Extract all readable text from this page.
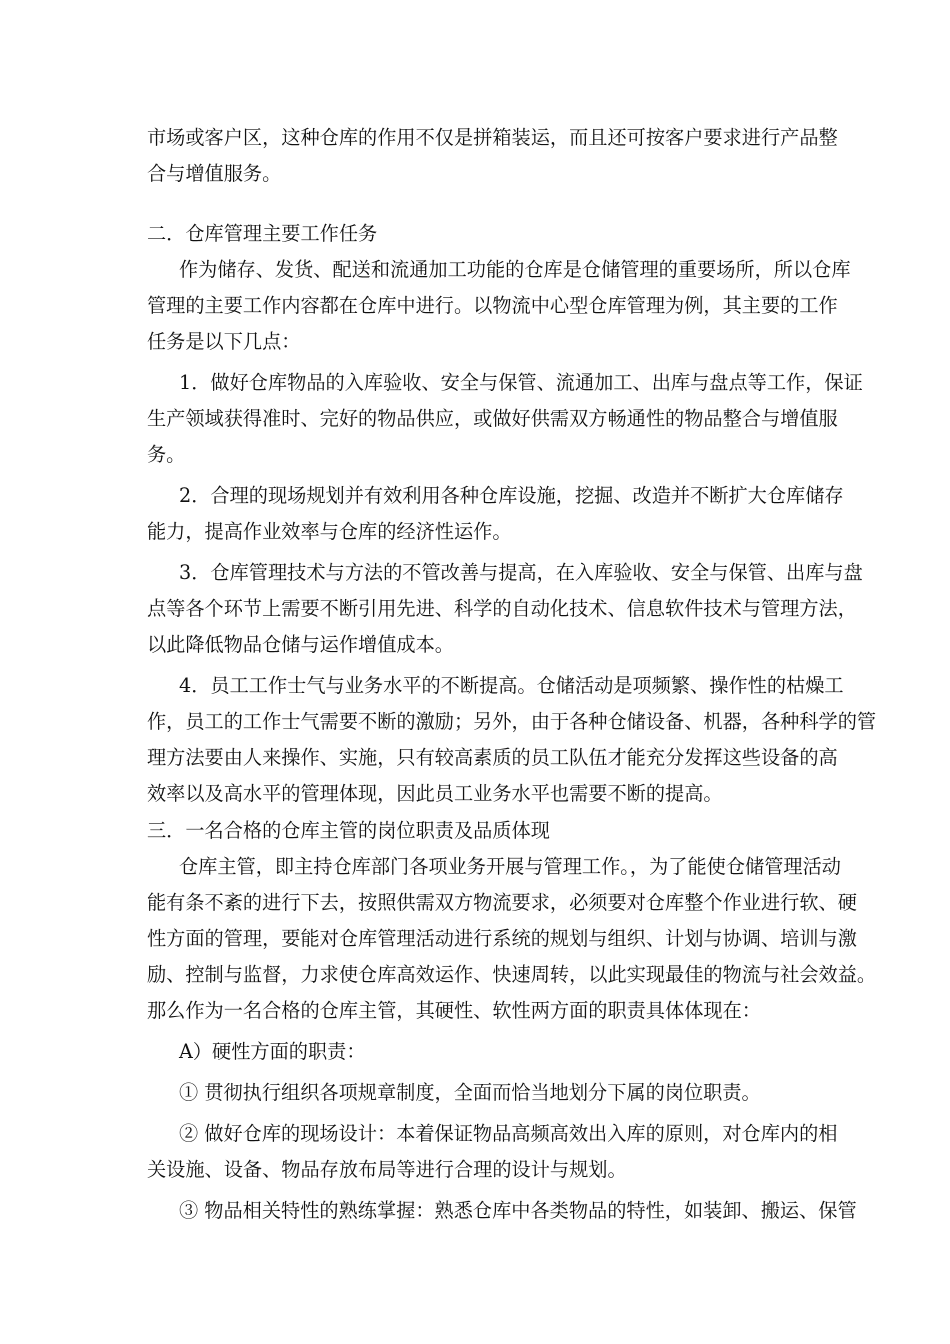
市场或客户区，这种仓库的作用不仅是拼箱装运，而且还可按客户要求进行产品整
合与增值服务。
二．仓库管理主要工作任务
作为储存、发货、配送和流通加工功能的仓库是仓储管理的重要场所，所以仓库
管理的主要工作内容都在仓库中进行。以物流中心型仓库管理为例，其主要的工作
任务是以下几点：
1．做好仓库物品的入库验收、安全与保管、流通加工、出库与盘点等工作，保证
生产领域获得准时、完好的物品供应，或做好供需双方畅通性的物品整合与增值服
务。
2．合理的现场规划并有效利用各种仓库设施，挖掘、改造并不断扩大仓库储存
能力，提高作业效率与仓库的经济性运作。
3．仓库管理技术与方法的不管改善与提高，在入库验收、安全与保管、出库与盘
点等各个环节上需要不断引用先进、科学的自动化技术、信息软件技术与管理方法，
以此降低物品仓储与运作增值成本。
4．员工工作士气与业务水平的不断提高。仓储活动是项频繁、操作性的枯燥工
作，员工的工作士气需要不断的激励；另外，由于各种仓储设备、机器，各种科学的管
理方法要由人来操作、实施，只有较高素质的员工队伍才能充分发挥这些设备的高
效率以及高水平的管理体现，因此员工业务水平也需要不断的提高。
三．一名合格的仓库主管的岗位职责及品质体现
仓库主管，即主持仓库部门各项业务开展与管理工作。，为了能使仓储管理活动
能有条不紊的进行下去，按照供需双方物流要求，必须要对仓库整个作业进行软、硬
性方面的管理，要能对仓库管理活动进行系统的规划与组织、计划与协调、培训与激
励、控制与监督，力求使仓库高效运作、快速周转，以此实现最佳的物流与社会效益。
那么作为一名合格的仓库主管，其硬性、软性两方面的职责具体体现在：
A）硬性方面的职责：
① 贯彻执行组织各项规章制度，全面而恰当地划分下属的岗位职责。
② 做好仓库的现场设计：本着保证物品高频高效出入库的原则，对仓库内的相
关设施、设备、物品存放布局等进行合理的设计与规划。
③ 物品相关特性的熟练掌握：熟悉仓库中各类物品的特性，如装卸、搬运、保管
